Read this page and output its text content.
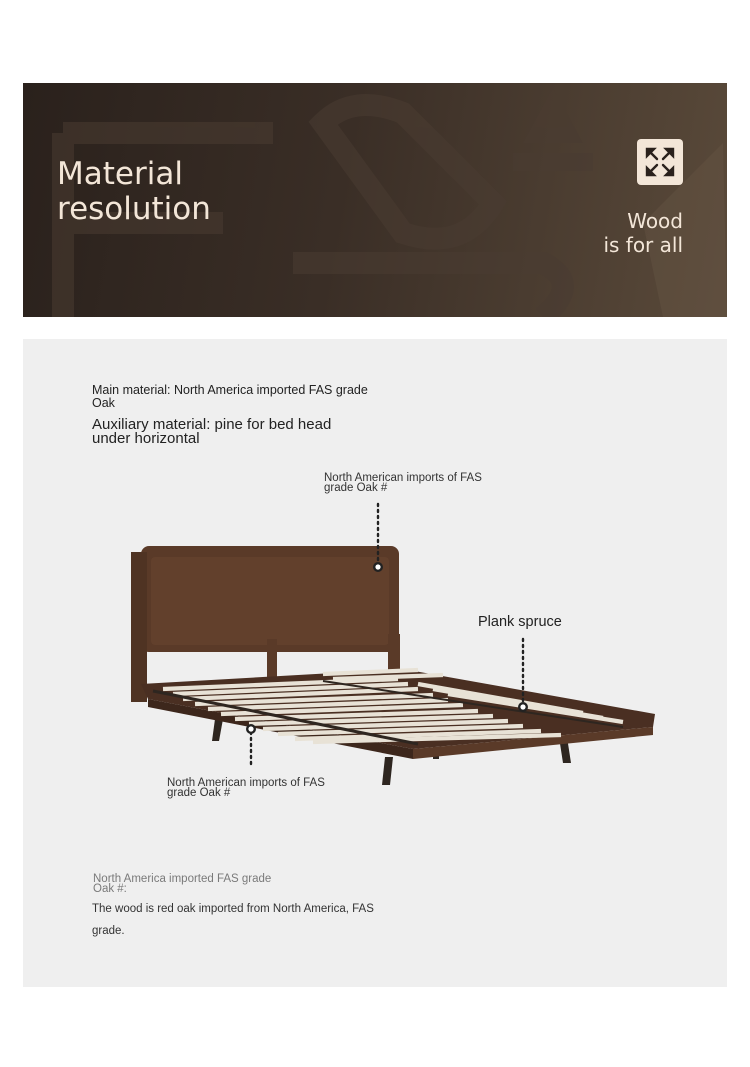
Material
resolution	Wood
is for all
Main material: North America imported FAS grade
Oak
Auxiliary material: pine for bed head
under horizontal
North American imports of FAS
grade Oak #
Plank spruce
North American imports of FAS
grade Oak #
North America imported FAS grade
Oak #:
The wood is red oak imported from North America, FAS
grade.
